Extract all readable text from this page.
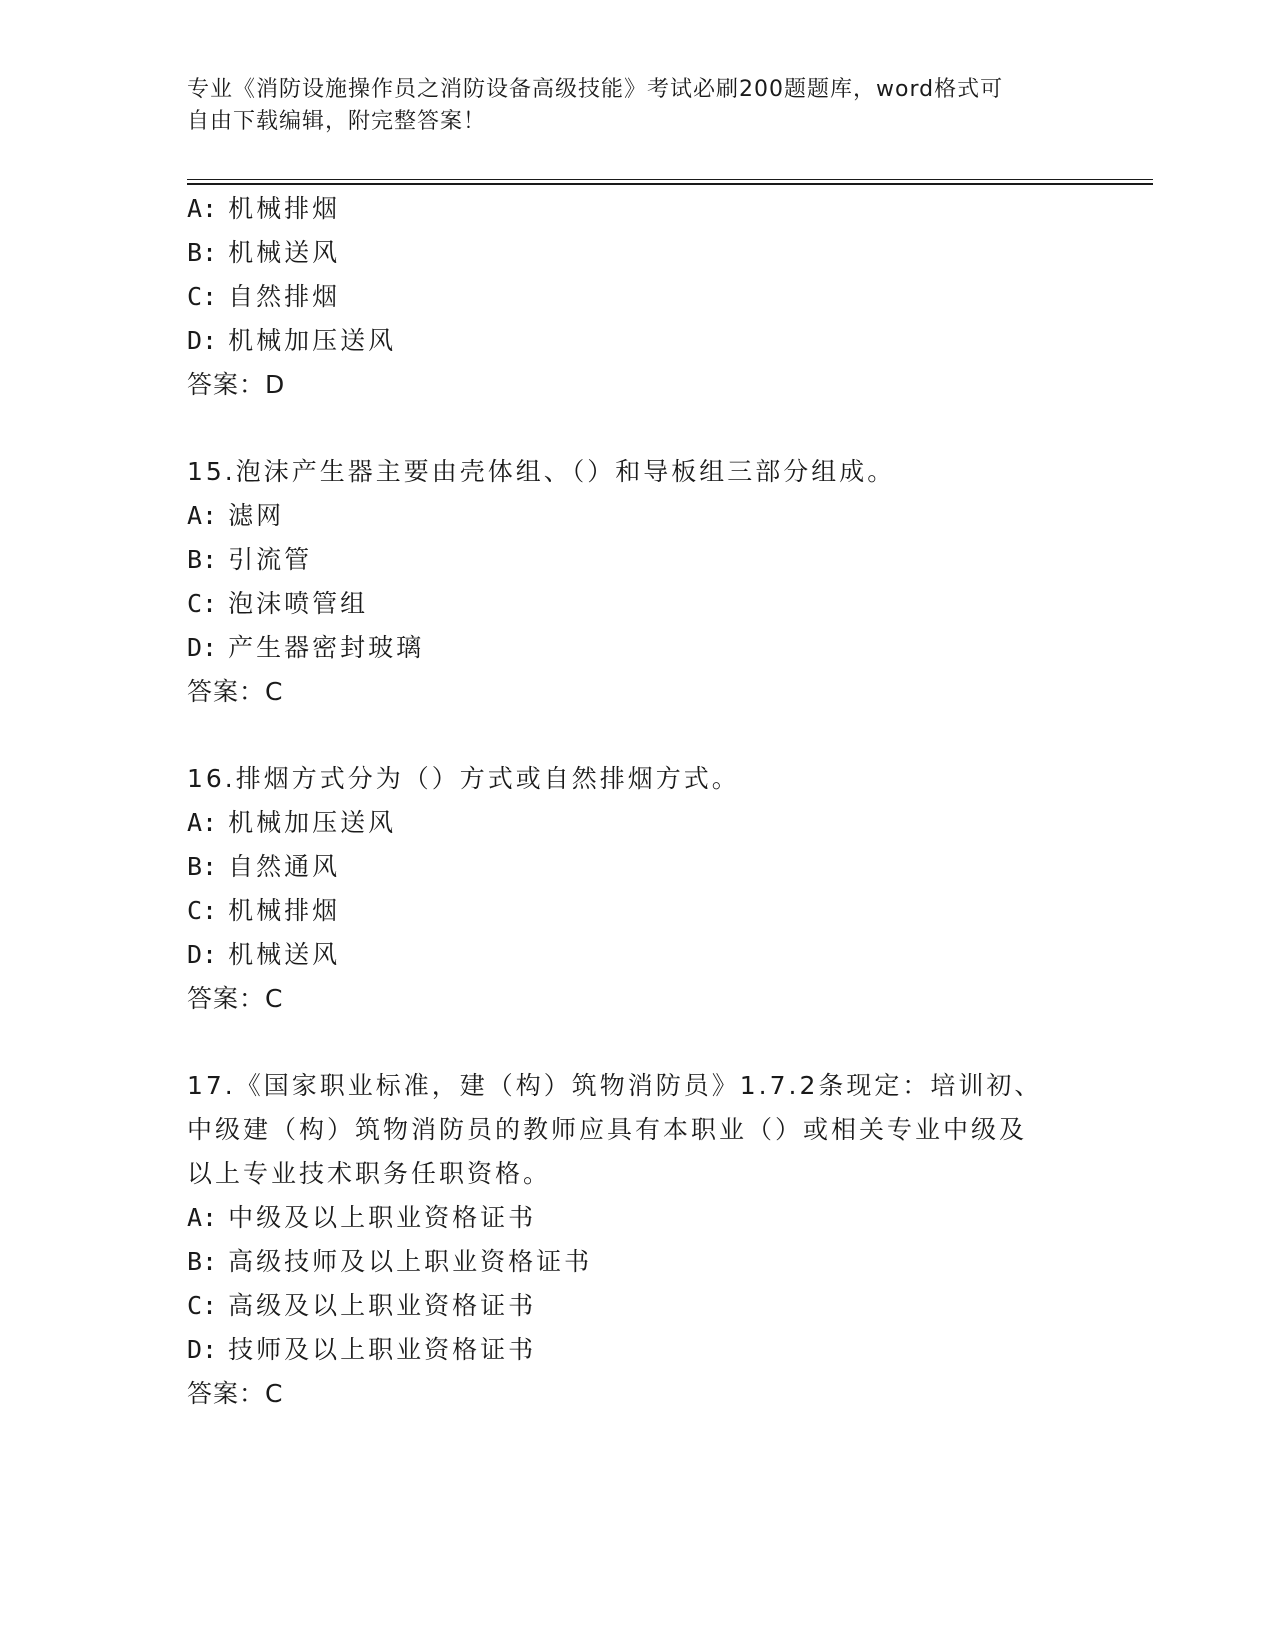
专业《消防设施操作员之消防设备高级技能》考试必刷200题题库，word格式可
自由下载编辑，附完整答案！
A: 机械排烟
B: 机械送风
C: 自然排烟
D: 机械加压送风
答案：D
15.泡沫产生器主要由壳体组、（）和导板组三部分组成。
A: 滤网
B: 引流管
C: 泡沫喷管组
D: 产生器密封玻璃
答案：C
16.排烟方式分为（）方式或自然排烟方式。
A: 机械加压送风
B: 自然通风
C: 机械排烟
D: 机械送风
答案：C
17.《国家职业标准，建（构）筑物消防员》1.7.2条现定：培训初、
中级建（构）筑物消防员的教师应具有本职业（）或相关专业中级及
以上专业技术职务任职资格。
A: 中级及以上职业资格证书
B: 高级技师及以上职业资格证书
C: 高级及以上职业资格证书
D: 技师及以上职业资格证书
答案：C
